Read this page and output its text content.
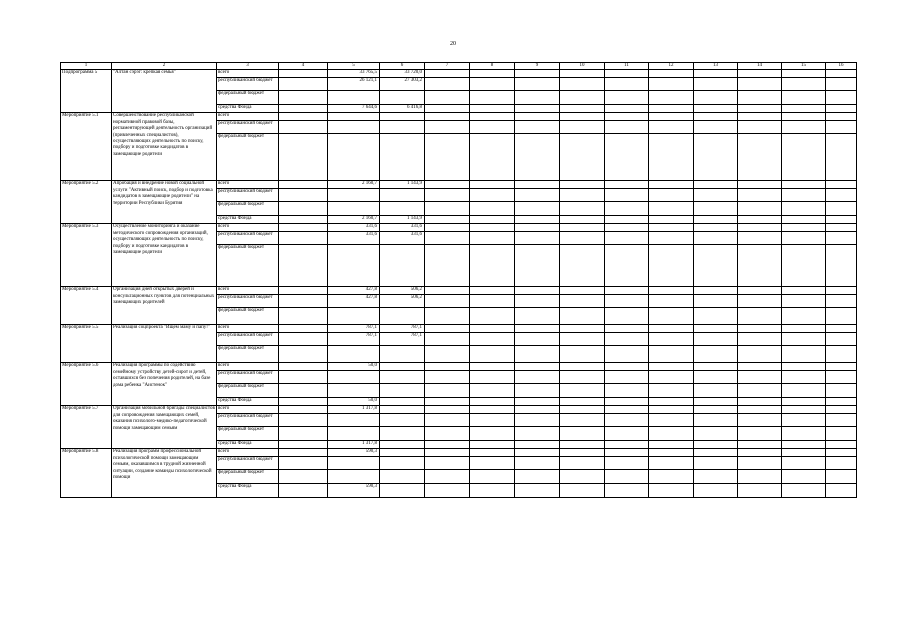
20
1	2	3	4	5	6	7	8	9	10	11	12	13	14	15	16
Подпрограмма 5	"Алтан сэрэг: крепкая семья"	всего		33 765,5	33 720,0										
		республиканский бюджет		26 121,1	27 303,2										
		федеральный бюджет													
		средства Фонда		7 644,6	6 416,8										
Мероприятие 5.1	Совершенствование республиканской нормативной правовой базы, регламентирующей деятельность организаций (привлеченных специалистов), осуществляющих деятельность по поиску, подбору и подготовке кандидатов в замещающие родители	всего													
		республиканский бюджет													
		федеральный бюджет													
Мероприятие 5.2	Апробация и внедрение новой социальной услуги "Активный поиск, подбор и подготовка кандидатов в замещающие родители" на территории Республики Бурятия	всего		2 160,7	1 143,9										
		республиканский бюджет													
		федеральный бюджет													
		средства Фонда		2 160,7	1 143,9										
Мероприятие 5.3	Осуществление мониторинга и оказание методического сопровождения организаций, осуществляющих деятельность по поиску, подбору и подготовке кандидатов в замещающие родители	всего		331,6	331,6										
		республиканский бюджет		331,6	331,6										
		федеральный бюджет													
Мероприятие 5.4	Организация дней открытых дверей и консультационных пунктов для потенциальных замещающих родителей	всего		427,8	506,2										
		республиканский бюджет		427,8	506,2										
		федеральный бюджет													
Мероприятие 5.5	Реализация соцпроекта "Ищем маму и папу!"	всего		787,1	787,1										
		республиканский бюджет		787,1	787,1										
		федеральный бюджет													
Мероприятие 5.6	Реализация программы по содействию семейному устройству детей-сирот и детей, оставшихся без попечения родителей, на базе дома ребенка "Аистенок"	всего		50,0											
		республиканский бюджет													
		федеральный бюджет													
		средства Фонда		50,0											
Мероприятие 5.7	Организация мобильной бригады специалистов для сопровождения замещающих семей, оказания психолого-медико-педагогической помощи замещающим семьям	всего		1 317,8											
		республиканский бюджет													
		федеральный бюджет													
		средства Фонда		1 317,8											
Мероприятие 5.8	Реализация программ профессиональной психологической помощи замещающим семьям, оказавшимся в трудной жизненной ситуации, создание команды психологической помощи	всего		590,3											
		республиканский бюджет													
		федеральный бюджет													
		средства Фонда		590,3											
